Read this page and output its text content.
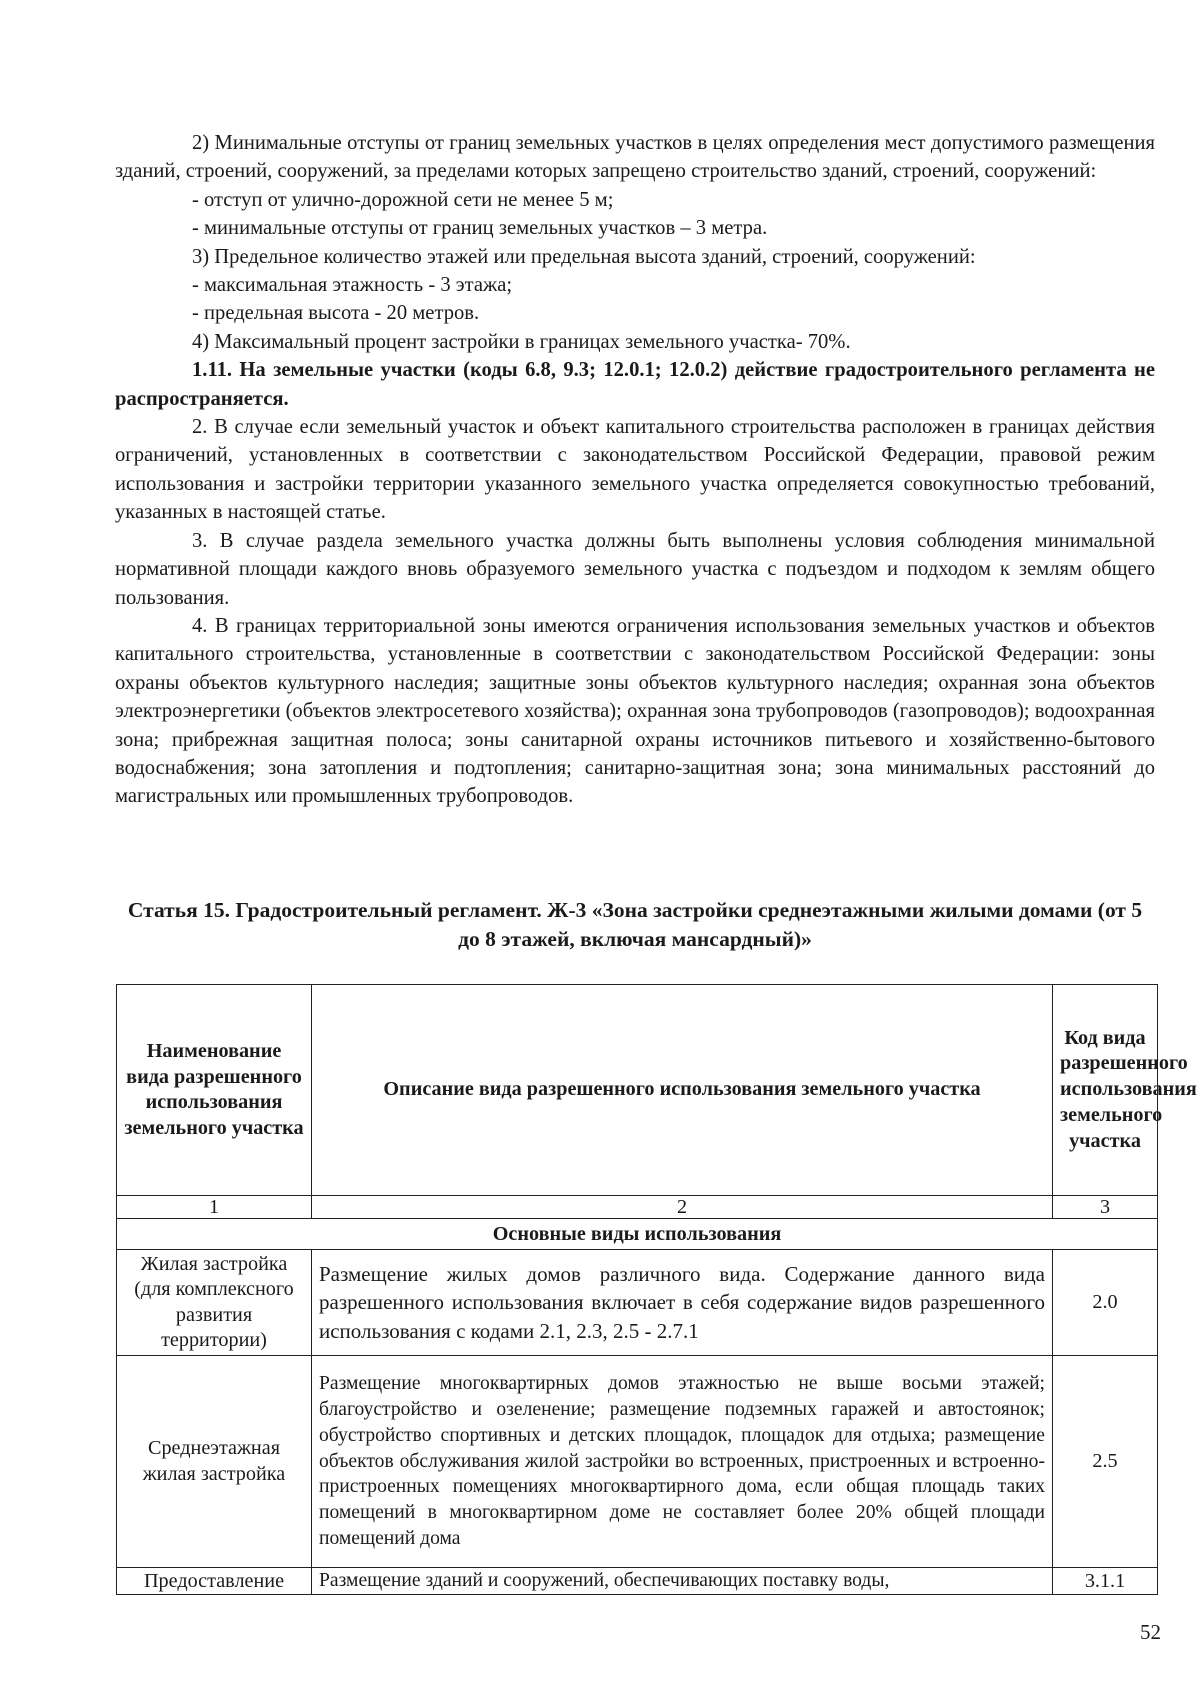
2) Минимальные отступы от границ земельных участков в целях определения мест допустимого размещения зданий, строений, сооружений, за пределами которых запрещено строительство зданий, строений, сооружений:

- отступ от улично-дорожной сети не менее 5 м;

- минимальные отступы от границ земельных участков – 3 метра.

3) Предельное количество этажей или предельная высота зданий, строений, сооружений:

- максимальная этажность - 3 этажа;

- предельная высота - 20 метров.

4) Максимальный процент застройки в границах земельного участка- 70%.

1.11. На земельные участки (коды 6.8, 9.3; 12.0.1; 12.0.2) действие градостроительного регламента не распространяется.

2. В случае если земельный участок и объект капитального строительства расположен в границах действия ограничений, установленных в соответствии с законодательством Российской Федерации, правовой режим использования и застройки территории указанного земельного участка определяется совокупностью требований, указанных в настоящей статье.

3. В случае раздела земельного участка должны быть выполнены условия соблюдения минимальной нормативной площади каждого вновь образуемого земельного участка с подъездом и подходом к землям общего пользования.

4. В границах территориальной зоны имеются ограничения использования земельных участков и объектов капитального строительства, установленные в соответствии с законодательством Российской Федерации: зоны охраны объектов культурного наследия; защитные зоны объектов культурного наследия; охранная зона объектов электроэнергетики (объектов электросетевого хозяйства); охранная зона трубопроводов (газопроводов); водоохранная зона; прибрежная защитная полоса; зоны санитарной охраны источников питьевого и хозяйственно-бытового водоснабжения; зона затопления и подтопления; санитарно-защитная зона; зона минимальных расстояний до магистральных или промышленных трубопроводов.

Статья 15. Градостроительный регламент. Ж-3 «Зона застройки среднеэтажными жилыми домами (от 5 до 8 этажей, включая мансардный)»
Наименование вида разрешенного использования земельного участка	Описание вида разрешенного использования земельного участка	Код вида разрешенного использования земельного участка
1	2	3
Основные виды использования		
Жилая застройка (для комплексного развития территории)	Размещение жилых домов различного вида. Содержание данного вида разрешенного использования включает в себя содержание видов разрешенного использования с кодами 2.1, 2.3, 2.5 - 2.7.1	2.0
Среднеэтажная жилая застройка	Размещение многоквартирных домов этажностью не выше восьми этажей; благоустройство и озеленение; размещение подземных гаражей и автостоянок; обустройство спортивных и детских площадок, площадок для отдыха; размещение объектов обслуживания жилой застройки во встроенных, пристроенных и встроенно-пристроенных помещениях многоквартирного дома, если общая площадь таких помещений в многоквартирном доме не составляет более 20% общей площади помещений дома	2.5
Предоставление	Размещение зданий и сооружений, обеспечивающих поставку воды,	3.1.1
52
